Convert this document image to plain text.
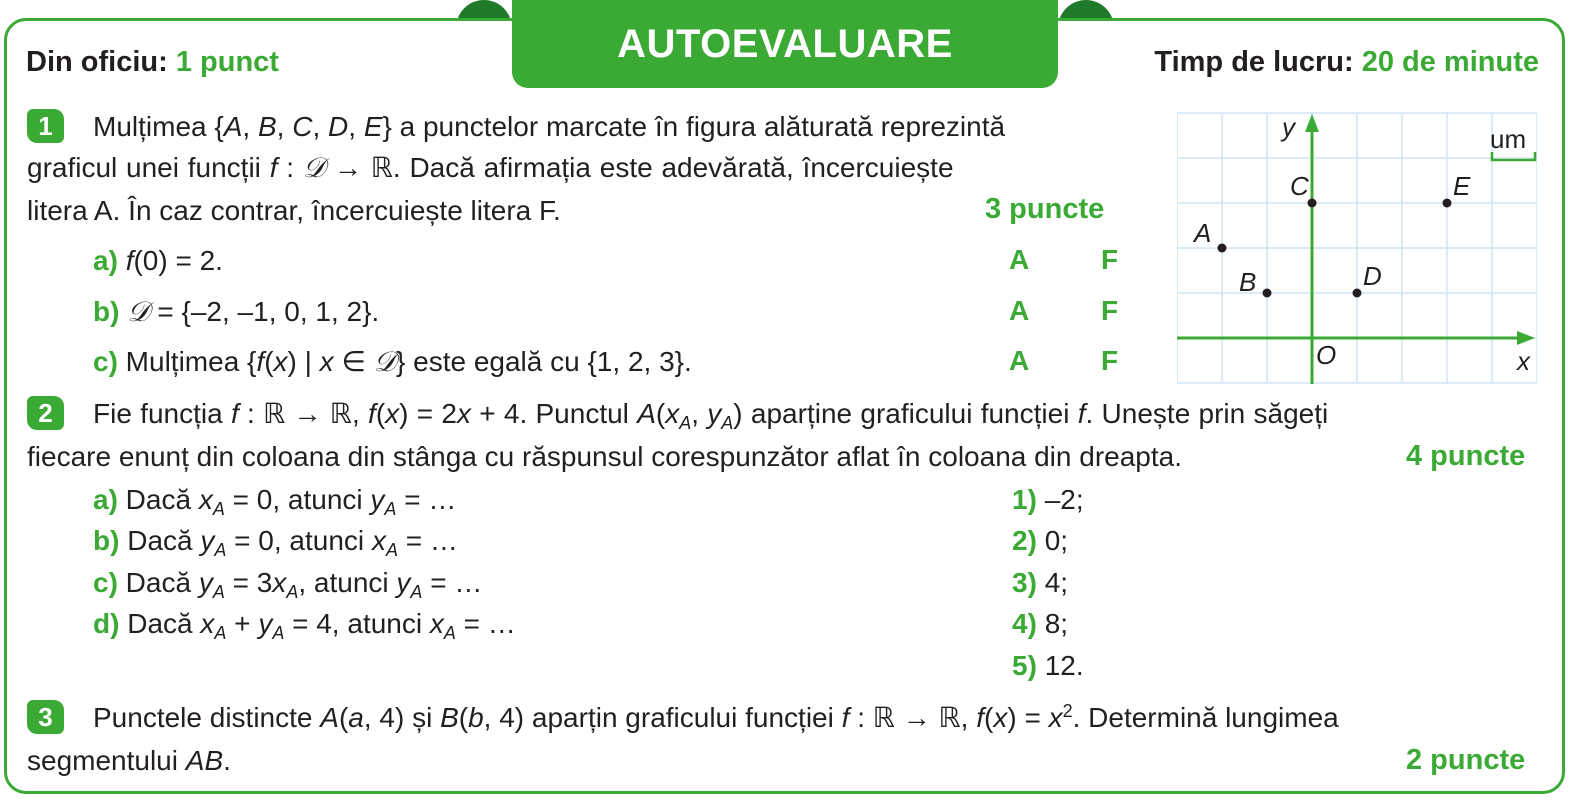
AUTOEVALUARE
Din oficiu: 1 punct	Timp de lucru: 20 de minute
1	Mulțimea {A, B, C, D, E} a punctelor marcate în figura alăturată reprezintă
graficul unei funcții f : 𝒟 → ℝ. Dacă afirmația este adevărată, încercuiește
litera A. În caz contrar, încercuiește litera F.	3 puncte
a) f(0) = 2.	A	F
b) 𝒟 = {–2, –1, 0, 1, 2}.	A	F
c) Mulțimea {f(x) | x ∈ 𝒟} este egală cu {1, 2, 3}.	A	F
um
x
y
O
A
B
C
D
E
2	Fie funcția f : ℝ → ℝ, f(x) = 2x + 4. Punctul $A(x_A$, $y_A$) aparține graficului funcției f. Unește prin săgeți
fiecare enunț din coloana din stânga cu răspunsul corespunzător aflat în coloana din dreapta.	4 puncte
a) Dacă $x_A = 0$, atunci $y_A$ = …
b) Dacă $y_A = 0$, atunci $x_A$ = …
c) Dacă $y_A = 3x_A$, atunci $y_A$ = …
d) Dacă $x_A + y_A = 4$, atunci $x_A$ = …
1) –2;
2) 0;
3) 4;
4) 8;
5) 12.
3	Punctele distincte A(a, 4) și B(b, 4) aparțin graficului funcției f : ℝ → ℝ, $f(x) = x^2$. Determină lungimea
segmentului AB.	2 puncte
